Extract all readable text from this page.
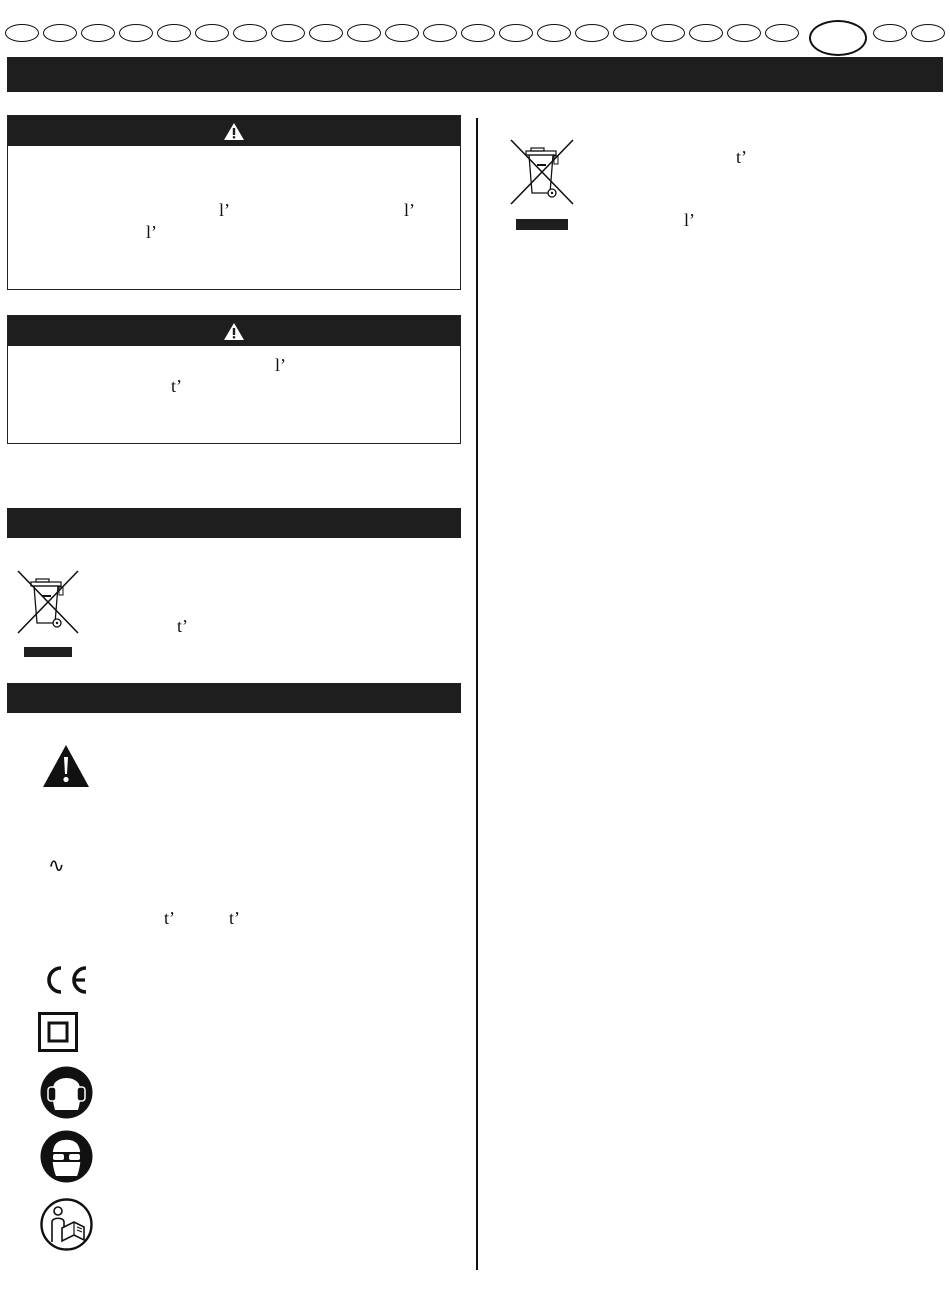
l’	l’
l’
l’
t’
t’
∿
t’	t’
t’
l’
